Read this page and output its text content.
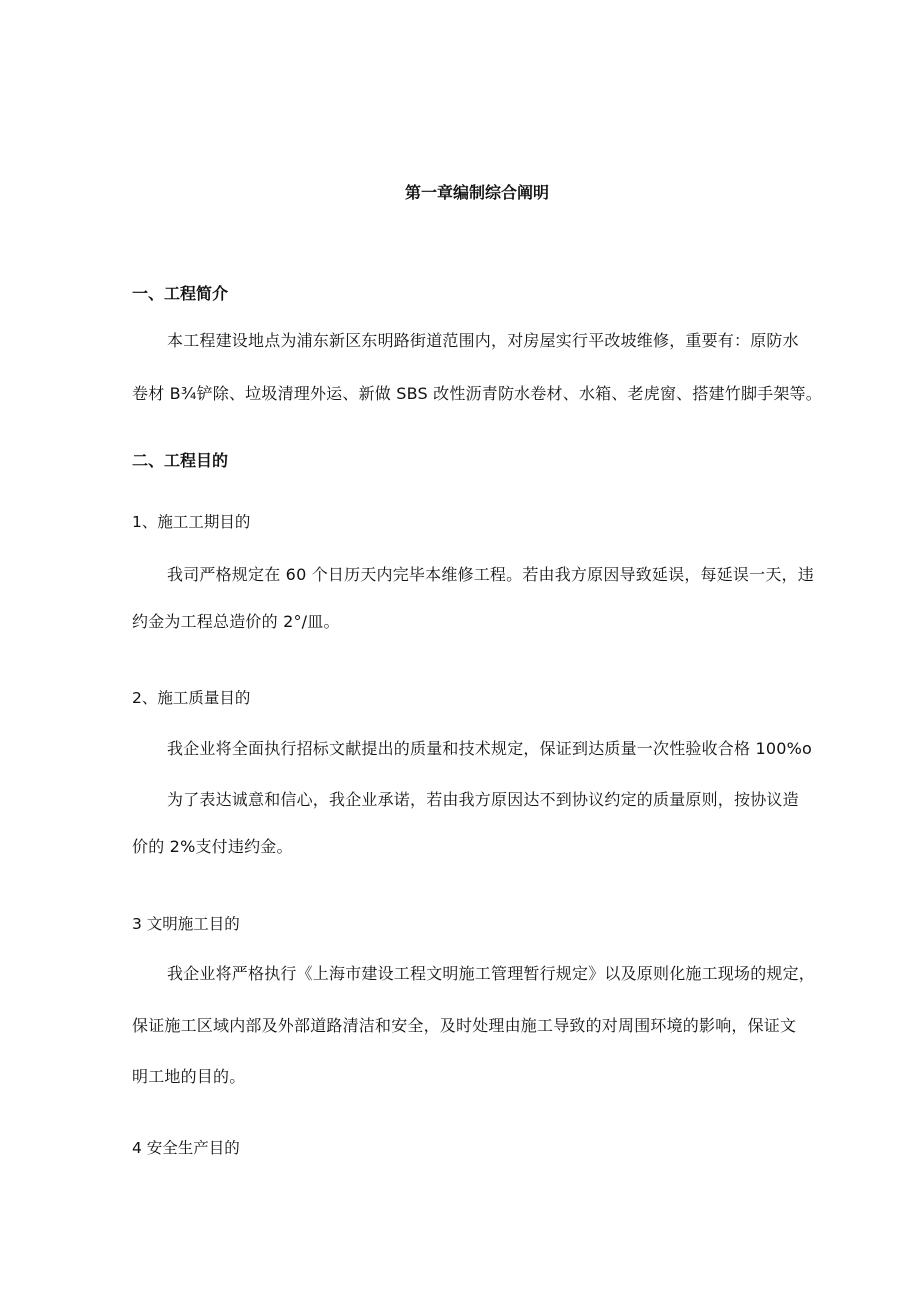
第一章编制综合阐明
一、工程简介
本工程建设地点为浦东新区东明路街道范围内，对房屋实行平改坡维修，重要有：原防水
卷材 B¾铲除、垃圾清理外运、新做 SBS 改性沥青防水卷材、水箱、老虎窗、搭建竹脚手架等。
二、工程目的
1、施工工期目的
我司严格规定在 60 个日历天内完毕本维修工程。若由我方原因导致延误，每延误一天，违
约金为工程总造价的 2°/皿。
2、施工质量目的
我企业将全面执行招标文献提出的质量和技术规定，保证到达质量一次性验收合格 100%o
为了表达诚意和信心，我企业承诺，若由我方原因达不到协议约定的质量原则，按协议造
价的 2%支付违约金。
3 文明施工目的
我企业将严格执行《上海市建设工程文明施工管理暂行规定》以及原则化施工现场的规定，
保证施工区域内部及外部道路清洁和安全，及时处理由施工导致的对周围环境的影响，保证文
明工地的目的。
4 安全生产目的
